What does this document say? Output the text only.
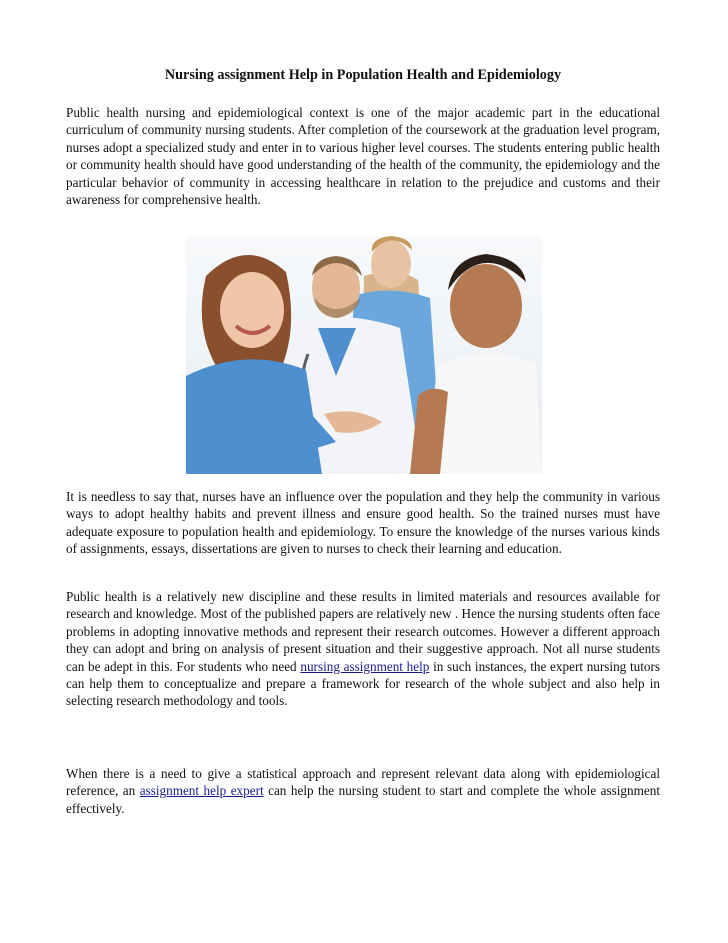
Nursing assignment Help in Population Health and Epidemiology

Public health nursing and epidemiological context is one of the major academic part in the educational curriculum of community nursing students. After completion of the coursework at the graduation level program, nurses adopt a specialized study and enter in to various higher level courses. The students entering public health or community health should have good understanding of the health of the community, the epidemiology and the particular behavior of community in accessing healthcare in relation to the prejudice and customs and their awareness for comprehensive health.

It is needless to say that, nurses have an influence over the population and they help the community in various ways to adopt healthy habits and prevent illness and ensure good health. So the trained nurses must have adequate exposure to population health and epidemiology. To ensure the knowledge of the nurses various kinds of assignments, essays, dissertations are given to nurses to check their learning and education.

Public health is a relatively new discipline and these results in limited materials and resources available for research and knowledge. Most of the published papers are relatively new . Hence the nursing students often face problems in adopting innovative methods and represent their research outcomes. However a different approach they can adopt and bring on analysis of present situation and their suggestive approach. Not all nurse students can be adept in this. For students who need nursing assignment help in such instances, the expert nursing tutors can help them to conceptualize and prepare a framework for research of the whole subject and also help in selecting research methodology and tools.

When there is a need to give a statistical approach and represent relevant data along with epidemiological reference, an assignment help expert can help the nursing student to start and complete the whole assignment effectively.
